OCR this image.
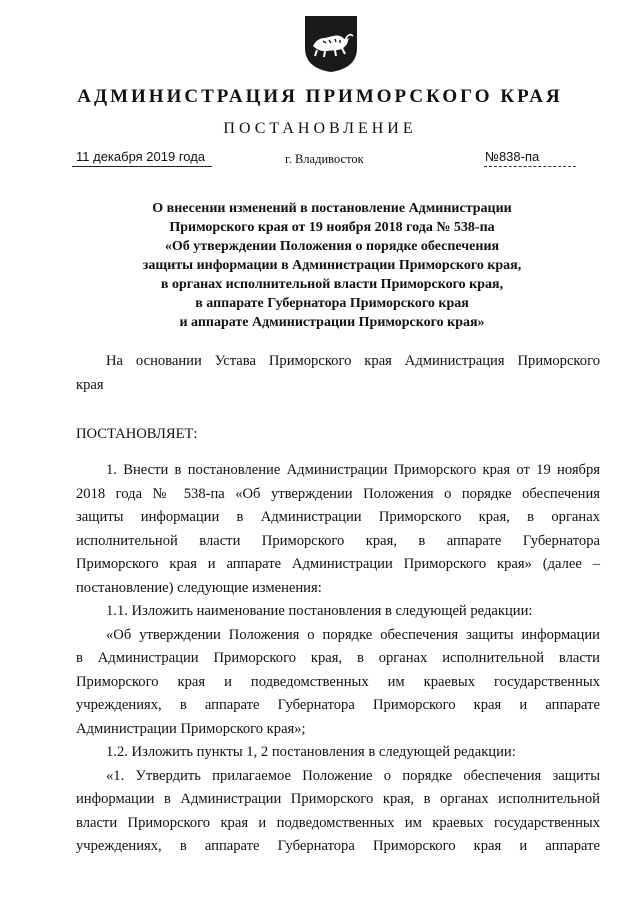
АДМИНИСТРАЦИЯ ПРИМОРСКОГО КРАЯ
ПОСТАНОВЛЕНИЕ
11 декабря 2019 года	г. Владивосток	№838-па
О внесении изменений в постановление Администрации
Приморского края от 19 ноября 2018 года № 538-па
«Об утверждении Положения о порядке обеспечения
защиты информации в Администрации Приморского края,
в органах исполнительной власти Приморского края,
в аппарате Губернатора Приморского края
и аппарате Администрации Приморского края»
На основании Устава Приморского края Администрация Приморского
края
ПОСТАНОВЛЯЕТ:
1. Внести в постановление Администрации Приморского края от 19 ноября
2018 года № 538-па «Об утверждении Положения о порядке обеспечения
защиты информации в Администрации Приморского края, в органах
исполнительной власти Приморского края, в аппарате Губернатора
Приморского края и аппарате Администрации Приморского края» (далее –
постановление) следующие изменения:
1.1. Изложить наименование постановления в следующей редакции:
«Об утверждении Положения о порядке обеспечения защиты информации
в Администрации Приморского края, в органах исполнительной власти
Приморского края и подведомственных им краевых государственных
учреждениях, в аппарате Губернатора Приморского края и аппарате
Администрации Приморского края»;
1.2. Изложить пункты 1, 2 постановления в следующей редакции:
«1. Утвердить прилагаемое Положение о порядке обеспечения защиты
информации в Администрации Приморского края, в органах исполнительной
власти Приморского края и подведомственных им краевых государственных
учреждениях, в аппарате Губернатора Приморского края и аппарате
